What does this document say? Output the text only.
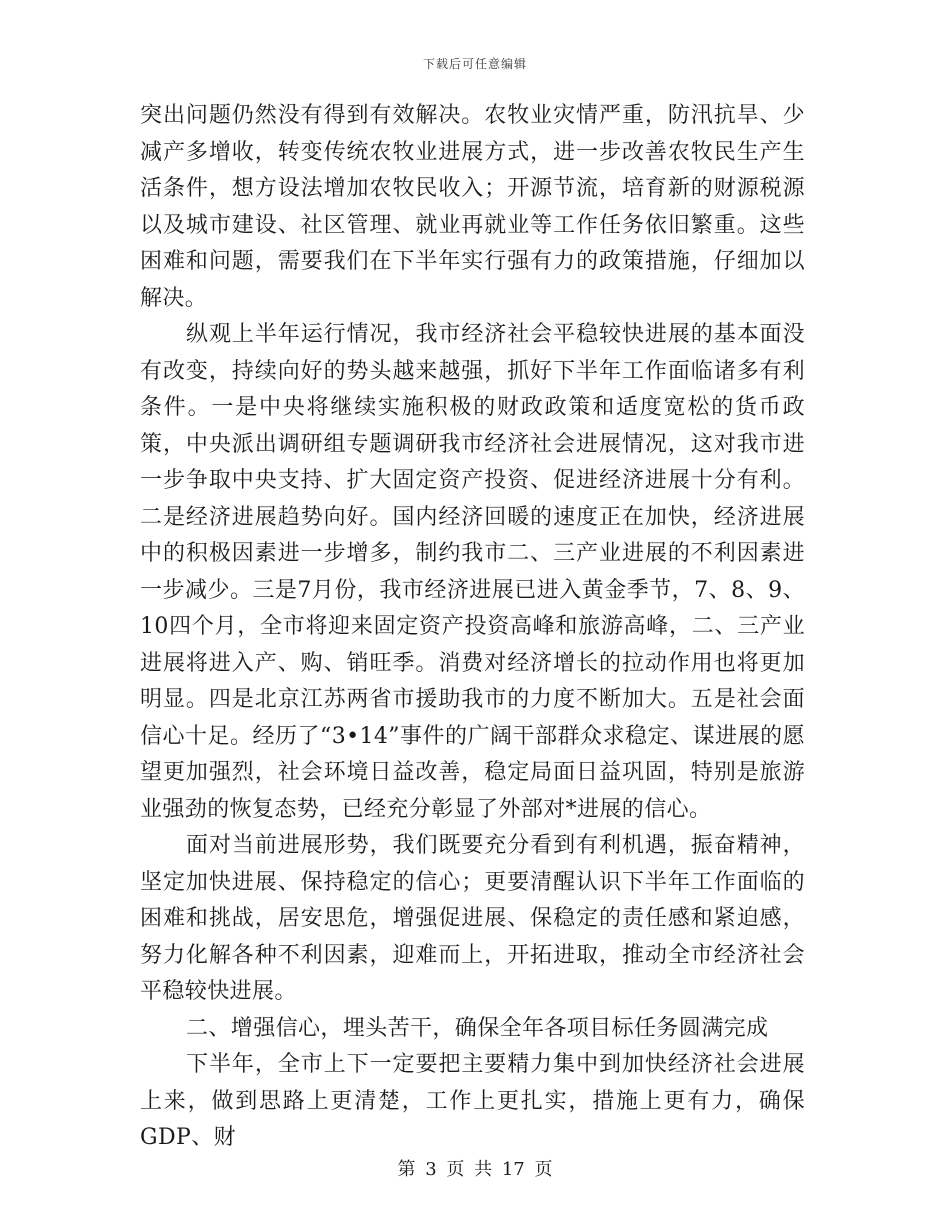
下载后可任意编辑

突出问题仍然没有得到有效解决。农牧业灾情严重，防汛抗旱、少减产多增收，转变传统农牧业进展方式，进一步改善农牧民生产生活条件，想方设法增加农牧民收入；开源节流，培育新的财源税源以及城市建设、社区管理、就业再就业等工作任务依旧繁重。这些困难和问题，需要我们在下半年实行强有力的政策措施，仔细加以解决。

纵观上半年运行情况，我市经济社会平稳较快进展的基本面没有改变，持续向好的势头越来越强，抓好下半年工作面临诸多有利条件。一是中央将继续实施积极的财政政策和适度宽松的货币政策，中央派出调研组专题调研我市经济社会进展情况，这对我市进一步争取中央支持、扩大固定资产投资、促进经济进展十分有利。二是经济进展趋势向好。国内经济回暖的速度正在加快，经济进展中的积极因素进一步增多，制约我市二、三产业进展的不利因素进一步减少。三是7月份，我市经济进展已进入黄金季节，7、8、9、10四个月，全市将迎来固定资产投资高峰和旅游高峰，二、三产业进展将进入产、购、销旺季。消费对经济增长的拉动作用也将更加明显。四是北京江苏两省市援助我市的力度不断加大。五是社会面信心十足。经历了“3•14”事件的广阔干部群众求稳定、谋进展的愿望更加强烈，社会环境日益改善，稳定局面日益巩固，特别是旅游业强劲的恢复态势，已经充分彰显了外部对*进展的信心。

面对当前进展形势，我们既要充分看到有利机遇，振奋精神，坚定加快进展、保持稳定的信心；更要清醒认识下半年工作面临的困难和挑战，居安思危，增强促进展、保稳定的责任感和紧迫感，努力化解各种不利因素，迎难而上，开拓进取，推动全市经济社会平稳较快进展。

二、增强信心，埋头苦干，确保全年各项目标任务圆满完成

下半年，全市上下一定要把主要精力集中到加快经济社会进展上来，做到思路上更清楚，工作上更扎实，措施上更有力，确保GDP、财

第 3 页 共 17 页
